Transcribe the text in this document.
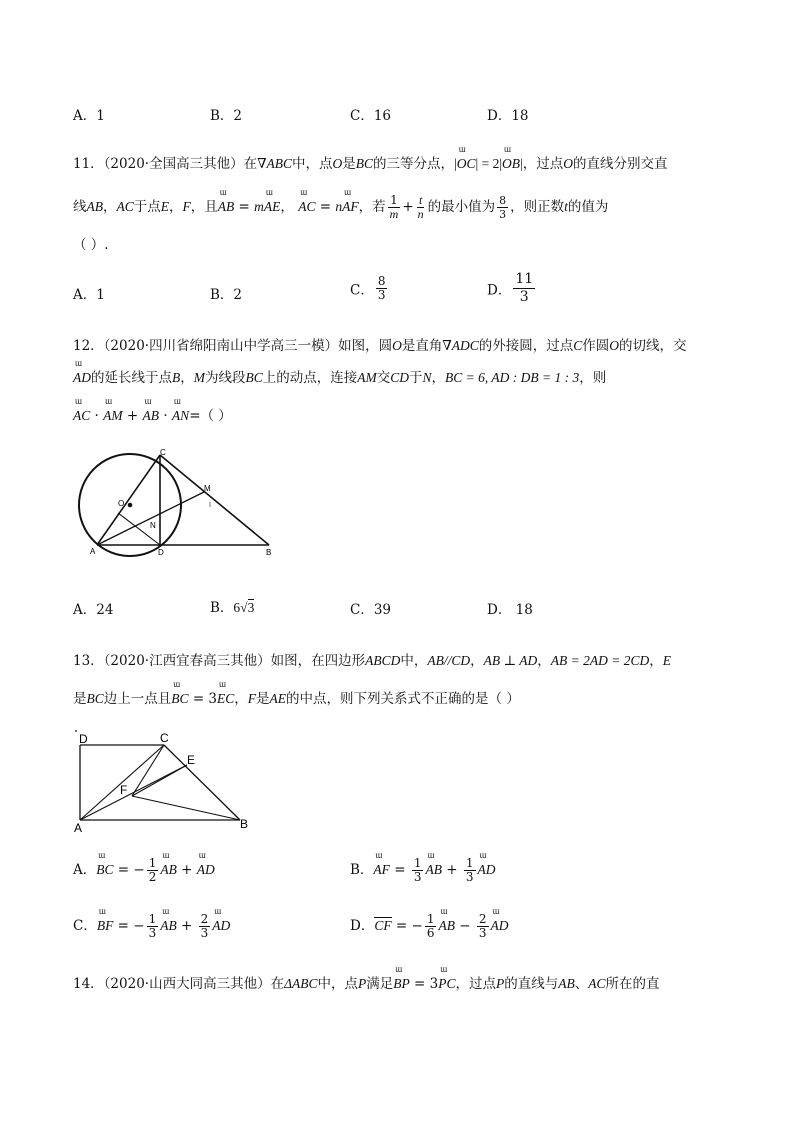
A．1	B．2	C．16	D．18
11．（2020·全国高三其他）在∇ABC中，点O是BC的三等分点，|ɯ OC| = 2|ɯ OB|，过点O的直线分别交直
线AB，AC于点E，F，且ɯ AB = mɯ AE， ɯ AC = nɯ AF，若 $\frac{1}{m} + \frac{t}{n}$ 的最小值为 $\frac{8}{3}$ ，则正数t的值为
（ ）.
A．1	B．2	C． $\frac{8}{3}$	D． $\frac{11}{3}$
12．（2020·四川省绵阳南山中学高三一模）如图，圆O是直角∇ADC的外接圆，过点C作圆O的切线，交
ɯ AD的延长线于点B，M为线段BC上的动点，连接AM交CD于N，BC = 6, AD : DB = 1 : 3，则
ɯ AC · ɯ AM + ɯ AB · ɯ AN=（ ）
C
M
O
N
A	D	B
A．24	B．6√3	C．39	D． 18
13．（2020·江西宜春高三其他）如图，在四边形ABCD中，AB//CD，AB ⊥ AD，AB = 2AD = 2CD，E
是BC边上一点且ɯ BC = 3ɯ EC，F是AE的中点，则下列关系式不正确的是（ ）
D	C
E
F
A	B
A．ɯ BC = − $\frac{1}{2}$ ɯ AB + ɯ AD	B．ɯ AF = $\frac{1}{3}$ ɯ AB + $\frac{1}{3}$ ɯ AD
C．ɯ BF = − $\frac{1}{3}$ ɯ AB + $\frac{2}{3}$ ɯ AD	D．CF = − $\frac{1}{6}$ ɯ AB − $\frac{2}{3}$ ɯ AD
14．（2020·山西大同高三其他）在ΔABC中，点P满足ɯ BP = 3ɯ PC，过点P的直线与AB、AC所在的直
